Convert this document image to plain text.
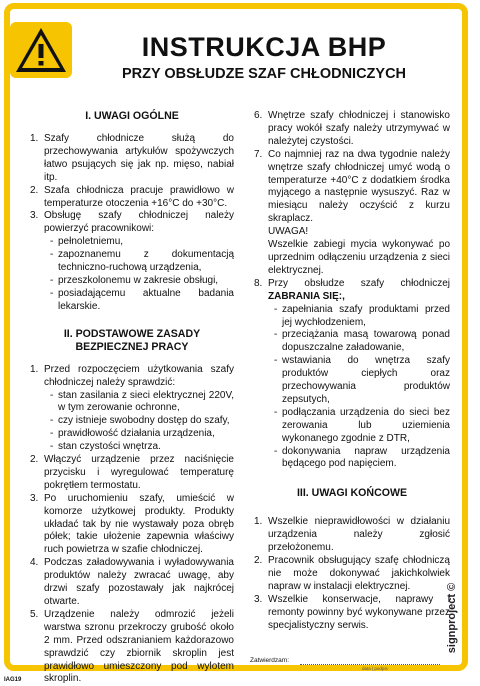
INSTRUKCJA BHP
PRZY OBSŁUDZE SZAF CHŁODNICZYCH
I. UWAGI OGÓLNE
1. Szafy chłodnicze służą do przechowywania artykułów spożywczych łatwo psujących się jak np. mięso, nabiał itp.
2. Szafa chłodnicza pracuje prawidłowo w temperaturze otoczenia +16°C do +30°C.
3. Obsługę szafy chłodniczej należy powierzyć pracownikowi:

- pełnoletniemu,
- zapoznanemu z dokumentacją techniczno-ruchową urządzenia,
- przeszkolonemu w zakresie obsługi,
- posiadającemu aktualne badania lekarskie.
II. PODSTAWOWE ZASADY BEZPIECZNEJ PRACY
1. Przed rozpoczęciem użytkowania szafy chłodniczej należy sprawdzić:

- stan zasilania z sieci elektrycznej 220V, w tym zerowanie ochronne,
- czy istnieje swobodny dostęp do szafy,
- prawidłowość działania urządzenia,
- stan czystości wnętrza.
2. Włączyć urządzenie przez naciśnięcie przycisku i wyregulować temperaturę pokrętłem termostatu.
3. Po uruchomieniu szafy, umieścić w komorze użytkowej produkty. Produkty układać tak by nie wystawały poza obręb półek; takie ułożenie zapewnia właściwy ruch powietrza w szafie chłodniczej.
4. Podczas załadowywania i wyładowywania produktów należy zwracać uwagę, aby drzwi szafy pozostawały jak najkrócej otwarte.
5. Urządzenie należy odmrozić jeżeli warstwa szronu przekroczy grubość około 2 mm. Przed odszranianiem każdorazowo sprawdzić czy zbiornik skroplin jest prawidłowo umieszczony pod wylotem skroplin.
6. Wnętrze szafy chłodniczej i stanowisko pracy wokół szafy należy utrzymywać w należytej czystości.
7. Co najmniej raz na dwa tygodnie należy wnętrze szafy chłodniczej umyć wodą o temperaturze +40°C z dodatkiem środka myjącego a następnie wysuszyć. Raz w miesiącu należy oczyścić z kurzu skraplacz.

UWAGA!

Wszelkie zabiegi mycia wykonywać po uprzednim odłączeniu urządzenia z sieci elektrycznej.

8. Przy obsłudze szafy chłodniczej ZABRANIA SIĘ:,

- zapełniania szafy produktami przed jej wychłodzeniem,
- przeciążania masą towarową ponad dopuszczalne załadowanie,
- wstawiania do wnętrza szafy produktów ciepłych oraz przechowywania produktów zepsutych,
- podłączania urządzenia do sieci bez zerowania lub uziemienia wykonanego zgodnie z DTR,
- dokonywania napraw urządzenia będącego pod napięciem.
III. UWAGI KOŃCOWE
1. Wszelkie nieprawidłowości w działaniu urządzenia należy zgłosić przełożonemu.
2. Pracownik obsługujący szafę chłodniczą nie może dokonywać jakichkolwiek napraw w instalacji elektrycznej.
3. Wszelkie konserwacje, naprawy i remonty powinny być wykonywane przez specjalistyczny serwis.
Zatwierdzam:
data | podpis
signproject ©
IAG19
